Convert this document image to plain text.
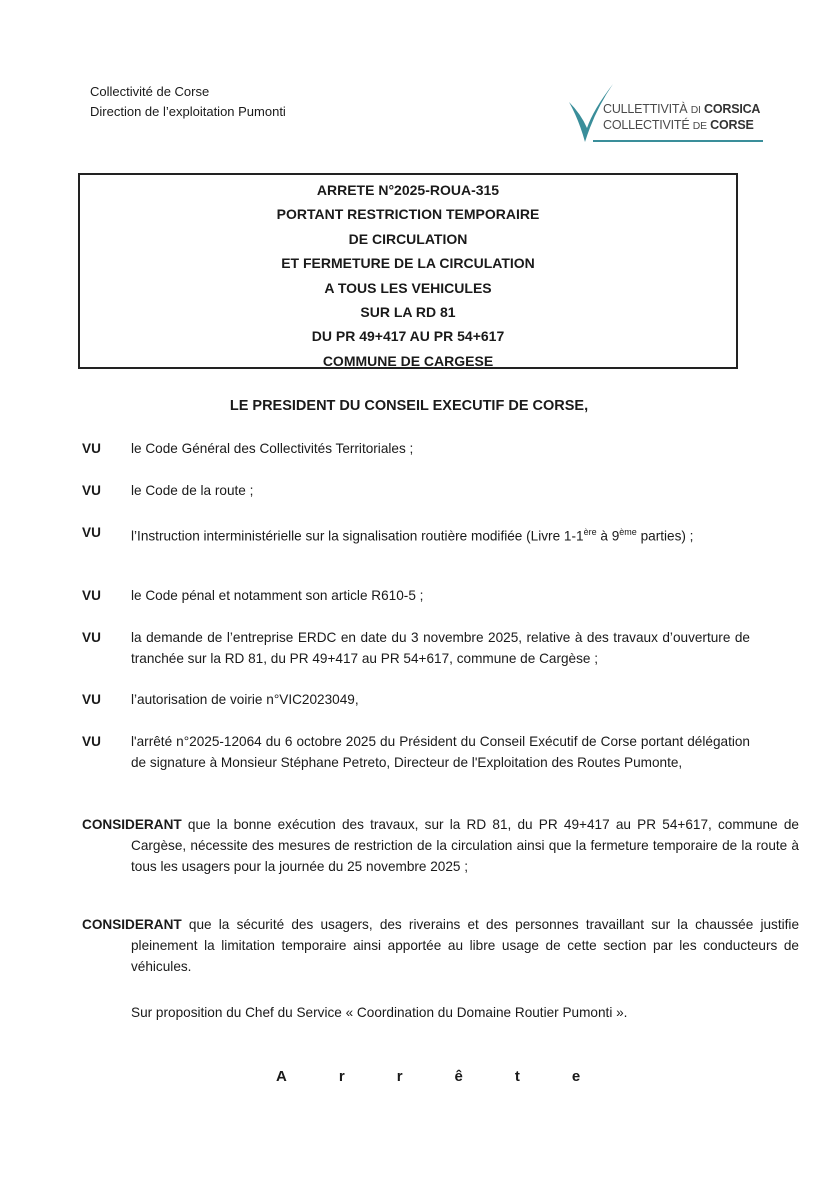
Collectivité de Corse
Direction de l’exploitation Pumonti	CULLETTIVITÀ DI CORSICA
COLLECTIVITÉ DE CORSE
ARRETE N°2025-ROUA-315
PORTANT RESTRICTION TEMPORAIRE
DE CIRCULATION
ET FERMETURE DE LA CIRCULATION
A TOUS LES VEHICULES
SUR LA RD 81
DU PR 49+417 AU PR 54+617
COMMUNE DE CARGESE
LE PRESIDENT DU CONSEIL EXECUTIF DE CORSE,
VU le Code Général des Collectivités Territoriales ;
VU le Code de la route ;
VU l’Instruction interministérielle sur la signalisation routière modifiée (Livre 1-1ère à 9ème parties) ;
VU le Code pénal et notamment son article R610-5 ;
VU la demande de l’entreprise ERDC en date du 3 novembre 2025, relative à des travaux d’ouverture de tranchée sur la RD 81, du PR 49+417 au PR 54+617, commune de Cargèse ;
VU l’autorisation de voirie n°VIC2023049,
VU l'arrêté n°2025-12064 du 6 octobre 2025 du Président du Conseil Exécutif de Corse portant délégation de signature à Monsieur Stéphane Petreto, Directeur de l'Exploitation des Routes Pumonte,
CONSIDERANT que la bonne exécution des travaux, sur la RD 81, du PR 49+417 au PR 54+617, commune de Cargèse, nécessite des mesures de restriction de la circulation ainsi que la fermeture temporaire de la route à tous les usagers pour la journée du 25 novembre 2025 ;
CONSIDERANT que la sécurité des usagers, des riverains et des personnes travaillant sur la chaussée justifie pleinement la limitation temporaire ainsi apportée au libre usage de cette section par les conducteurs de véhicules.
Sur proposition du Chef du Service « Coordination du Domaine Routier Pumonti ».
A	r	r	ê	t	e
